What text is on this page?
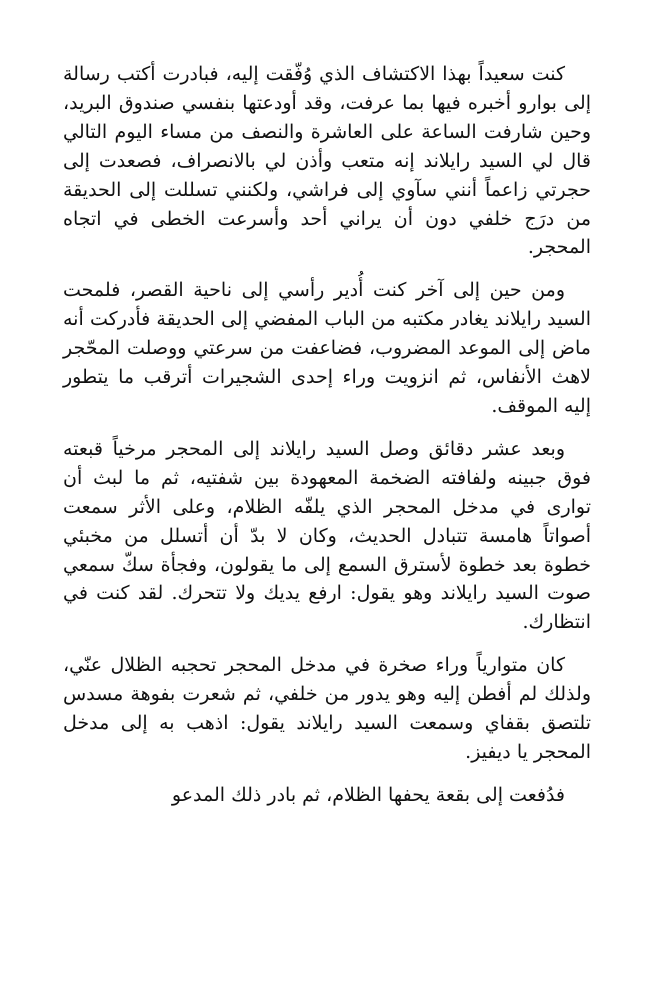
كنت سعيداً بهذا الاكتشاف الذي وُفّقت إليه، فبادرت أكتب رسالة إلى بوارو أخبره فيها بما عرفت، وقد أودعتها بنفسي صندوق البريد، وحين شارفت الساعة على العاشرة والنصف من مساء اليوم التالي قال لي السيد رايلاند إنه متعب وأذن لي بالانصراف، فصعدت إلى حجرتي زاعماً أنني سآوي إلى فراشي، ولكنني تسللت إلى الحديقة من درَج خلفي دون أن يراني أحد وأسرعت الخطى في اتجاه المحجر.

ومن حين إلى آخر كنت أُدير رأسي إلى ناحية القصر، فلمحت السيد رايلاند يغادر مكتبه من الباب المفضي إلى الحديقة فأدركت أنه ماض إلى الموعد المضروب، فضاعفت من سرعتي ووصلت المحّجر لاهث الأنفاس، ثم انزويت وراء إحدى الشجيرات أترقب ما يتطور إليه الموقف.

وبعد عشر دقائق وصل السيد رايلاند إلى المحجر مرخياً قبعته فوق جبينه ولفافته الضخمة المعهودة بين شفتيه، ثم ما لبث أن توارى في مدخل المحجر الذي يلفّه الظلام، وعلى الأثر سمعت أصواتاً هامسة تتبادل الحديث، وكان لا بدّ أن أتسلل من مخبئي خطوة بعد خطوة لأسترق السمع إلى ما يقولون، وفجأة سكّ سمعي صوت السيد رايلاند وهو يقول: ارفع يديك ولا تتحرك. لقد كنت في انتظارك.

كان متوارياً وراء صخرة في مدخل المحجر تحجبه الظلال عنّي، ولذلك لم أفطن إليه وهو يدور من خلفي، ثم شعرت بفوهة مسدس تلتصق بقفاي وسمعت السيد رايلاند يقول: اذهب به إلى مدخل المحجر يا ديفيز.

فدُفعت إلى بقعة يحفها الظلام، ثم بادر ذلك المدعو
